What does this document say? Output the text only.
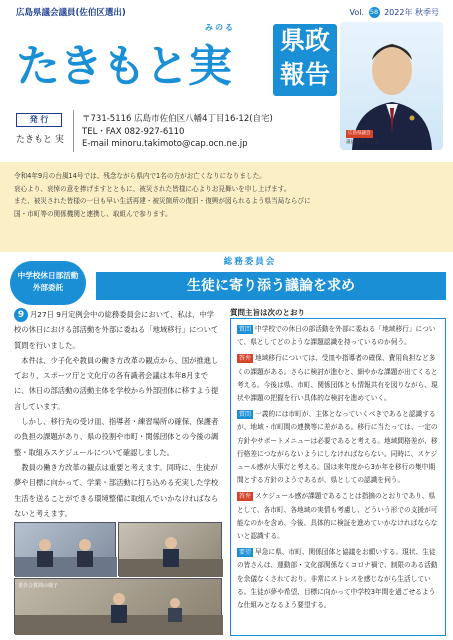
広島県議会議員(佐伯区選出)	Vol. 58 2022年 秋季号
みのる
たきもと実
県政
報告
広島県議会
議員 たきもと実
発 行
たきもと 実
〒731-5116 広島市佐伯区八幡4丁目16-12(自宅)
TEL・FAX 082-927-6110
E-mail minoru.takimoto@cap.ocn.ne.jp
令和4年9月の台風14号では、残念ながら県内で1名の方がお亡くなりになりました。
哀心より、哀悼の意を捧げますとともに、被災された皆様に心よりお見舞いを申し上げます。
また、被災された皆様の一日も早い生活再建・被災箇所の復旧・復興が図られるよう県当局ならびに
国・市町等の関係機関と連携し、取組んで参ります。
中学校休日部活動
外部委託
総務委員会
生徒に寄り添う議論を求め

9 月27日 9月定例会中の総務委員会において、私は、中学校の休日における部活動を外部に委ねる「地域移行」について質問を行いました。

本件は、少子化や教員の働き方改革の観点から、国が推進しており、スポーツ庁と文化庁の各有識者会議は本年8月までに、休日の部活動の活動主体を学校から外部団体に移すよう提言しています。

しかし、移行先の受け皿、指導者・練習場所の確保、保護者の負担の課題があり、県の役割や市町・関係団体との今後の調整・取組みスケジュールについて確認しました。

教員の働き方改革の観点は重要と考えます。同時に、生徒が夢や目標に向かって、学業・部活動に打ち込める充実した学校生活を送ることができる環境整備に取組んでいかなければならないと考えます。

委員会質問の様子
質問主旨は次のとおり
質問 中学校での休日の部活動を外部に委ねる「地域移行」について、県としてどのような課題認識を持っているのか伺う。
答弁 地域移行については、受皿や指導者の確保、費用負担など多くの課題がある。さらに検討が進むと、細やかな課題が出てくると考える。今後は県、市町、関係団体とも情報共有を図りながら、現状や課題の把握を行い具体的な検討を進めていく。
質問 一義的には市町が、主体となっていくべきであると認識するが、地域・市町間の連携等に差がある。移行に当たっては、一定の方針やサポートメニューは必要であると考える。地域間格差が、移行格差につながらないようにしなければならない。同時に、スケジュール感が大事だと考える。国は来年度から3か年を移行の集中期間とする方針のようであるが、県としての認識を伺う。
答弁 スケジュール感が課題であることは指摘のとおりであり、県として、各市町、各地域の実情も考慮し、どういう形での支援が可能なのかを含め、今後、具体的に検証を進めていかなければならないと認識する。
要望 早急に県、市町、関係団体と協議をお願いする。現状、生徒の皆さんは、運動部・文化部関係なくコロナ禍で、制限のある活動を余儀なくされており、非常にストレスを感じながら生活している。生徒が夢や希望、目標に向かって中学校3年間を過ごせるような仕組みとなるよう要望する。
